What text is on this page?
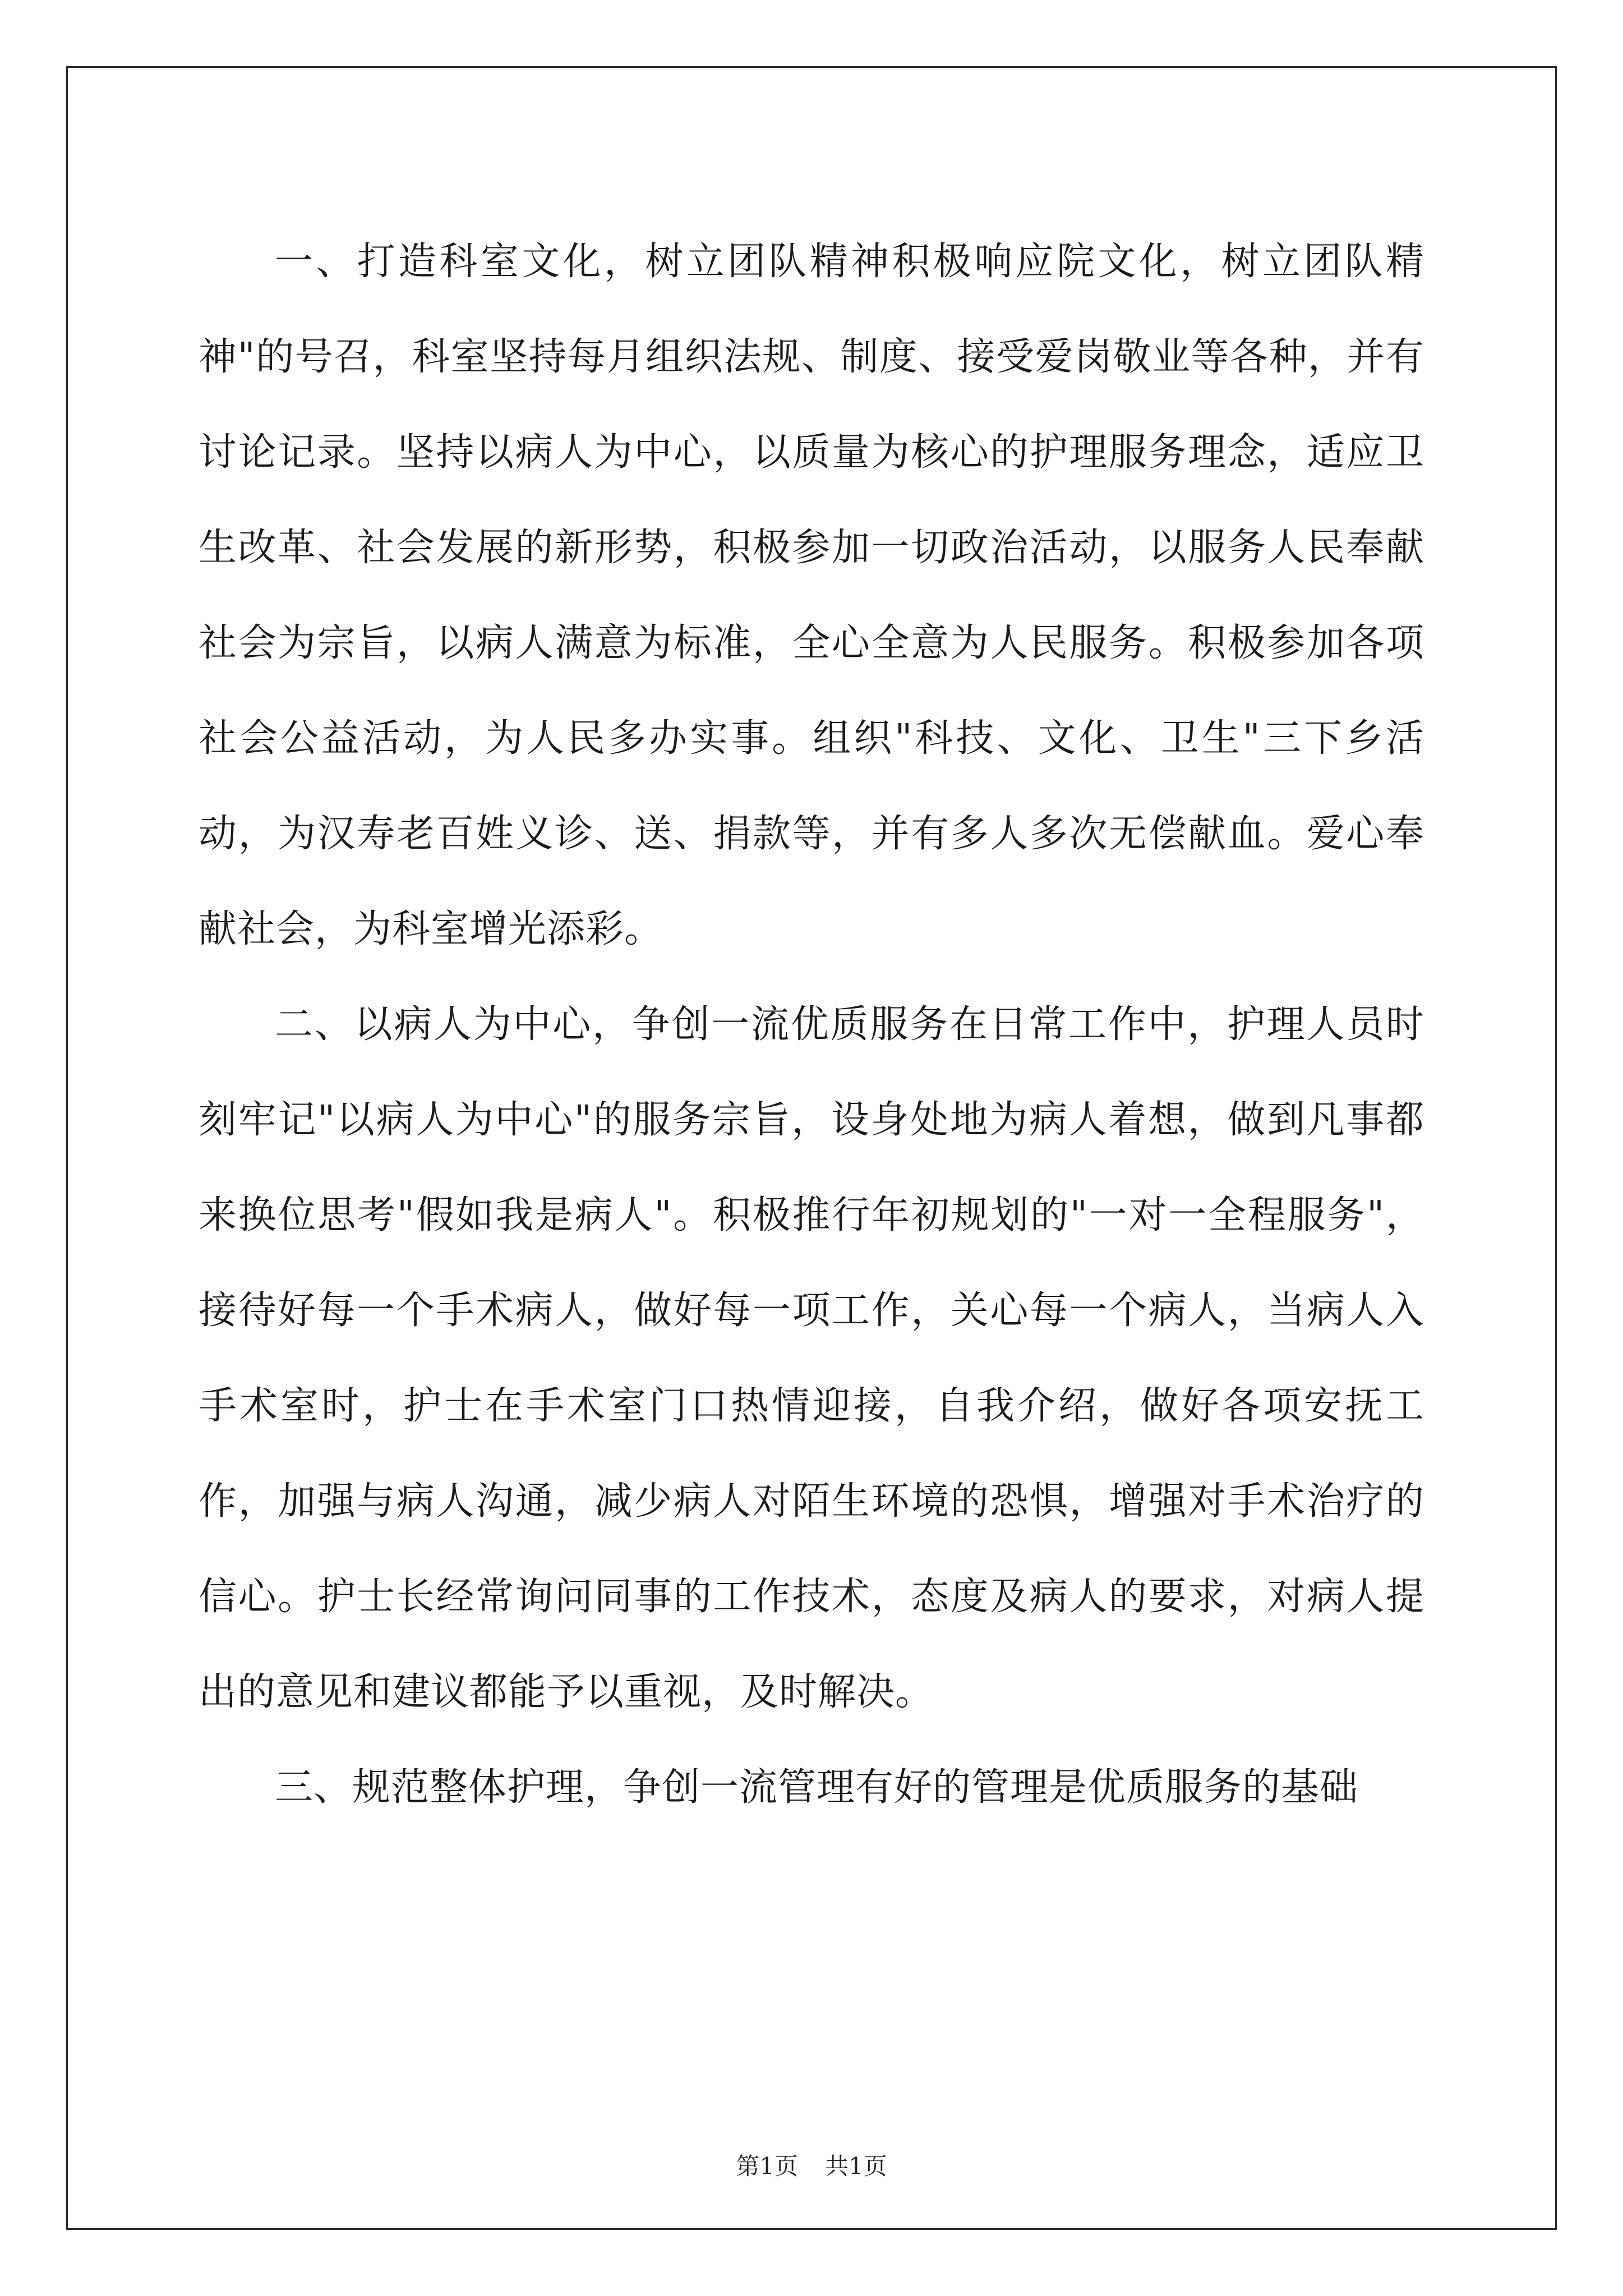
一、打造科室文化，树立团队精神积极响应院文化，树立团队精神"的号召，科室坚持每月组织法规、制度、接受爱岗敬业等各种，并有讨论记录。坚持以病人为中心，以质量为核心的护理服务理念，适应卫生改革、社会发展的新形势，积极参加一切政治活动，以服务人民奉献社会为宗旨，以病人满意为标准，全心全意为人民服务。积极参加各项社会公益活动，为人民多办实事。组织"科技、文化、卫生"三下乡活动，为汉寿老百姓义诊、送、捐款等，并有多人多次无偿献血。爱心奉献社会，为科室增光添彩。

二、以病人为中心，争创一流优质服务在日常工作中，护理人员时刻牢记"以病人为中心"的服务宗旨，设身处地为病人着想，做到凡事都来换位思考"假如我是病人"。积极推行年初规划的"一对一全程服务"，接待好每一个手术病人，做好每一项工作，关心每一个病人，当病人入手术室时，护士在手术室门口热情迎接，自我介绍，做好各项安抚工作，加强与病人沟通，减少病人对陌生环境的恐惧，增强对手术治疗的信心。护士长经常询问同事的工作技术，态度及病人的要求，对病人提出的意见和建议都能予以重视，及时解决。

三、规范整体护理，争创一流管理有好的管理是优质服务的基础

第1页 共1页
